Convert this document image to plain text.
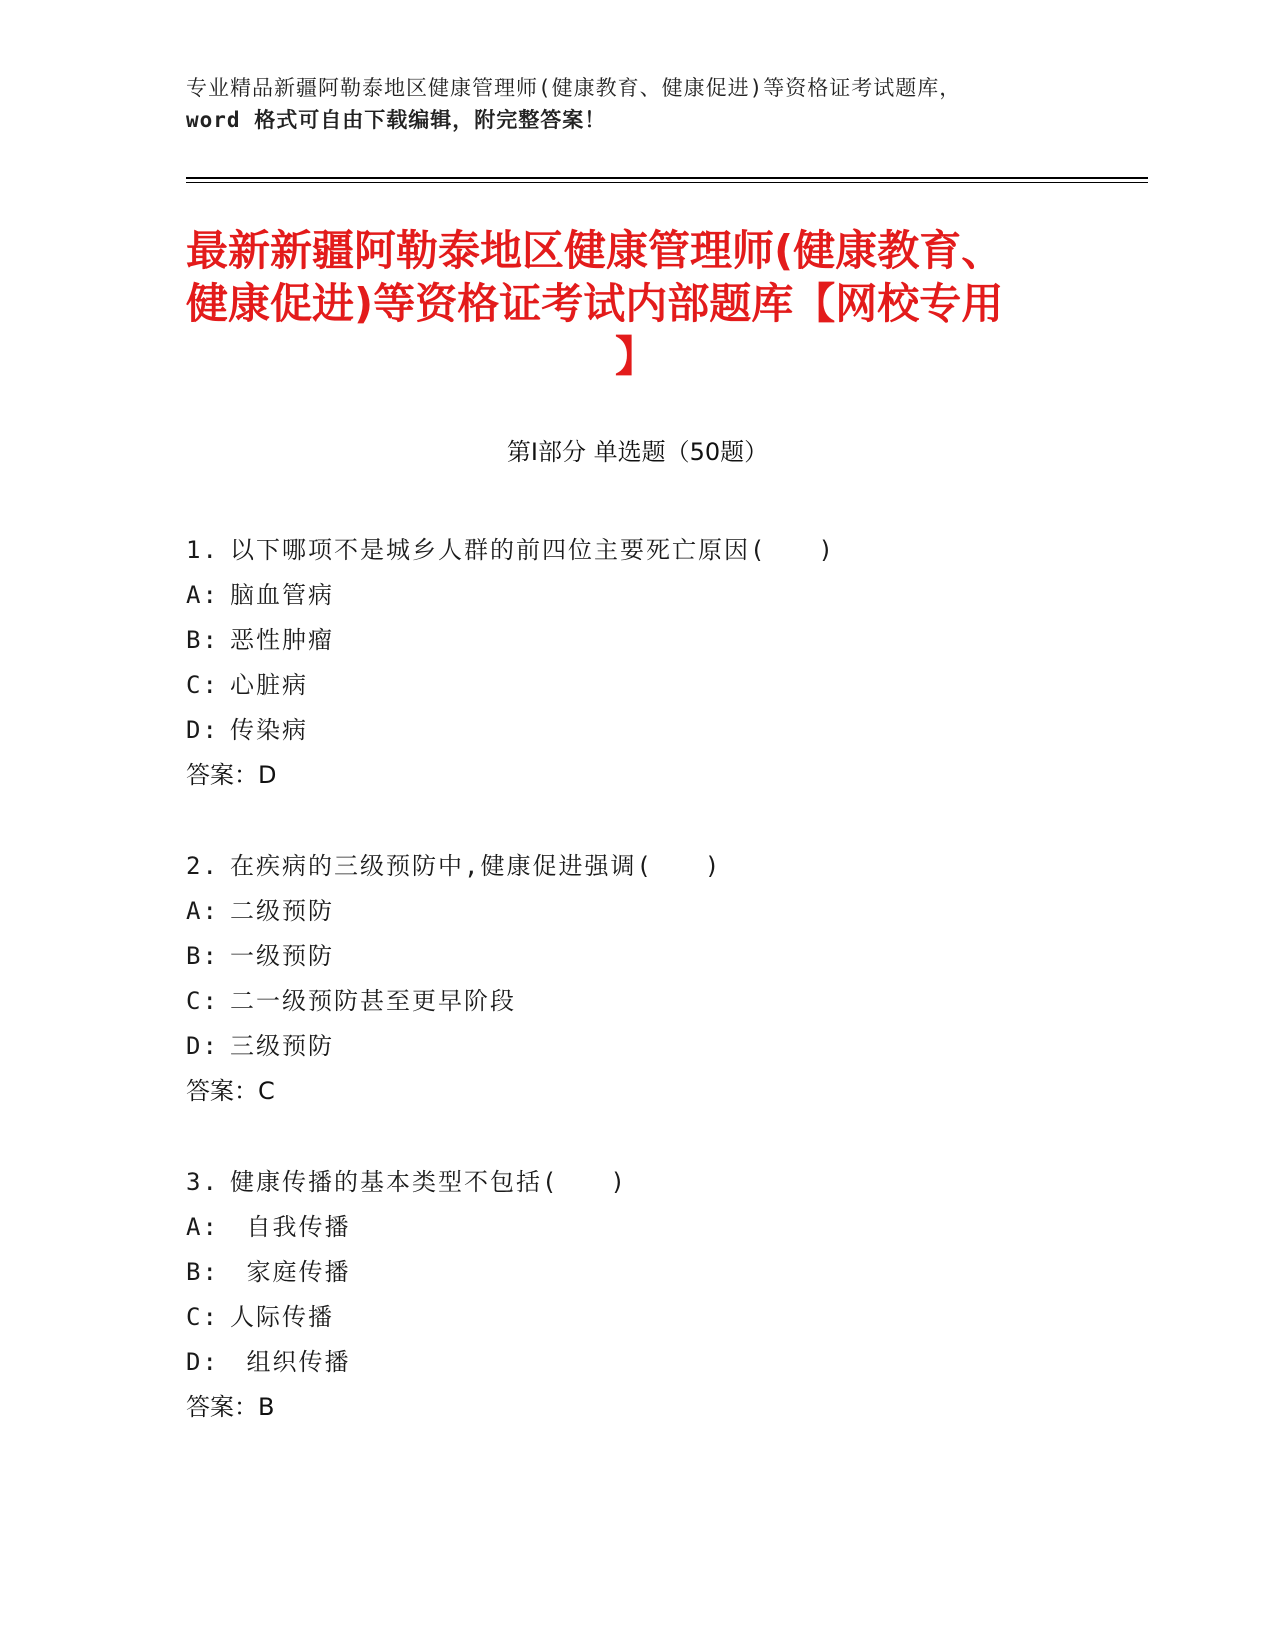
专业精品新疆阿勒泰地区健康管理师(健康教育、健康促进)等资格证考试题库，
word 格式可自由下载编辑，附完整答案！
最新新疆阿勒泰地区健康管理师(健康教育、
健康促进)等资格证考试内部题库【网校专用
】
第Ⅰ部分 单选题（50题）
1. 以下哪项不是城乡人群的前四位主要死亡原因(　　)
A: 脑血管病
B: 恶性肿瘤
C: 心脏病
D: 传染病
答案：D
2. 在疾病的三级预防中,健康促进强调(　　)
A: 二级预防
B: 一级预防
C: 二一级预防甚至更早阶段
D: 三级预防
答案：C
3. 健康传播的基本类型不包括(　　)
A: 自我传播
B: 家庭传播
C: 人际传播
D: 组织传播
答案：B
